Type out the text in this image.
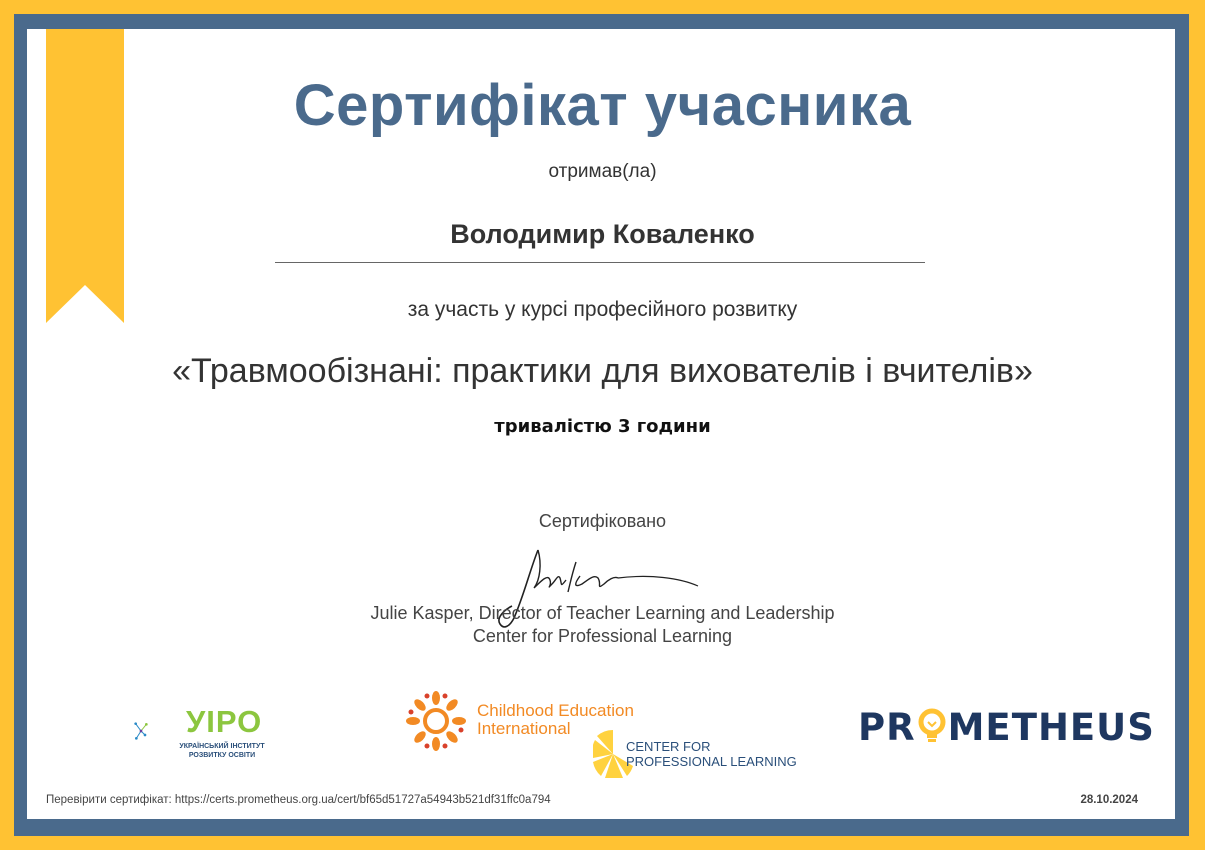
Сертифікат учасника
отримав(ла)
Володимир Коваленко
за участь у курсі професійного розвитку
«Травмообізнані: практики для вихователів і вчителів»
тривалістю 3 години
Сертифіковано
Julie Kasper, Director of Teacher Learning and Leadership
Center for Professional Learning
УІРО
УКРАЇНСЬКИЙ ІНСТИТУТ
РОЗВИТКУ ОСВІТИ
Childhood Education
International
CENTER FOR
PROFESSIONAL LEARNING
PR METHEUS
Перевірити сертифікат: https://certs.prometheus.org.ua/cert/bf65d51727a54943b521df31ffc0a794	28.10.2024
